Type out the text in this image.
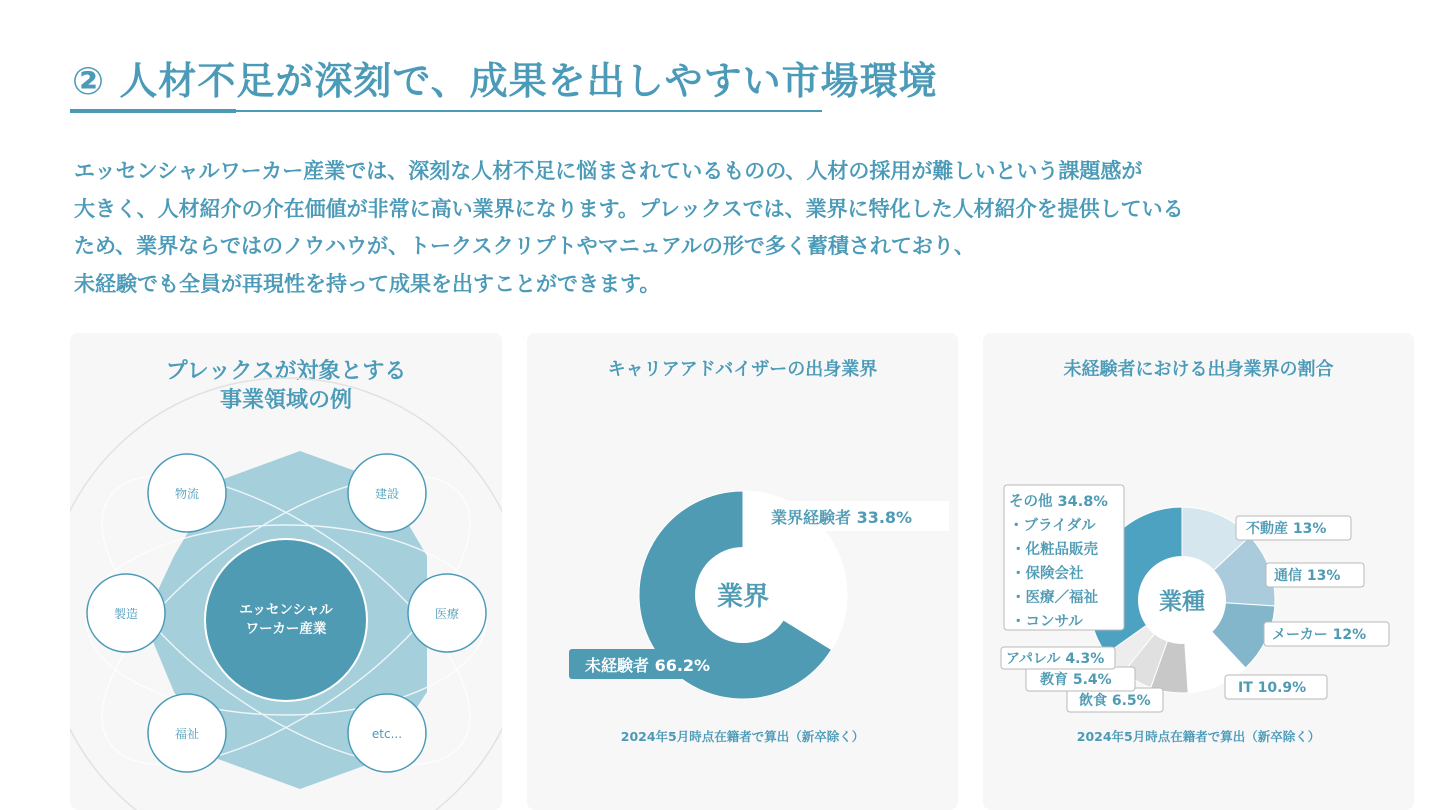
② 人材不足が深刻で、成果を出しやすい市場環境
エッセンシャルワーカー産業では、深刻な人材不足に悩まされているものの、人材の採用が難しいという課題感が
大きく、人材紹介の介在価値が非常に高い業界になります。プレックスでは、業界に特化した人材紹介を提供している
ため、業界ならではのノウハウが、トークスクリプトやマニュアルの形で多く蓄積されており、
未経験でも全員が再現性を持って成果を出すことができます。
プレックスが対象とする
事業領域の例
エッセンシャル
ワーカー産業
物流	建設
製造	医療
福祉	etc...
キャリアアドバイザーの出身業界
業界
業界経験者 33.8%
未経験者 66.2%
2024年5月時点在籍者で算出（新卒除く）
未経験者における出身業界の割合
業種
その他 34.8%
・ブライダル
・化粧品販売
・保険会社
・医療／福祉
・コンサル
不動産 13%
通信 13%
メーカー 12%
IT 10.9%
飲食 6.5%
教育 5.4%
アパレル 4.3%
2024年5月時点在籍者で算出（新卒除く）
